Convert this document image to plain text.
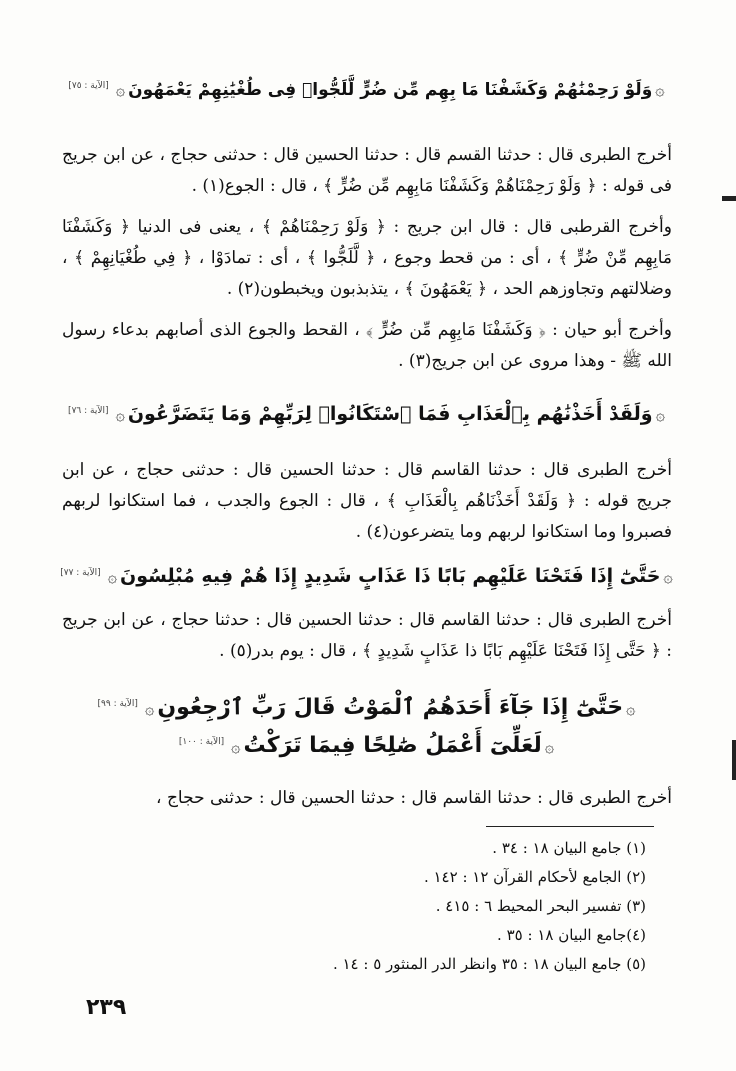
۞وَلَوْ رَحِمْنَٰهُمْ وَكَشَفْنَا مَا بِهِم مِّن ضُرٍّ لَّلَجُّوا۟ فِى طُغْيَٰنِهِمْ يَعْمَهُونَ۞[الآية : ٧٥]

أخرج الطبرى قال : حدثنا القسم قال : حدثنا الحسين قال : حدثنى حجاج ، عن ابن جريج فى قوله : ﴿ وَلَوْ رَحِمْنَاهُمْ وَكَشَفْنَا مَابِهِم مِّن ضُرٍّ ﴾ ، قال : الجوع(١) .

وأخرج القرطبى قال : قال ابن جريج : ﴿ وَلَوْ رَحِمْنَاهُمْ ﴾ ، يعنى فى الدنيا ﴿ وَكَشَفْنَا مَابِهِم مِّنْ ضُرٍّ ﴾ ، أى : من قحط وجوع ، ﴿ لَّلَجُّوا ﴾ ، أى : تمادَوْا ، ﴿ فِي طُغْيَانِهِمْ ﴾ ، وضلالتهم وتجاوزهم الحد ، ﴿ يَعْمَهُونَ ﴾ ، يتذبذبون ويخبطون(٢) .

وأخرج أبو حيان : ﴿ وَكَشَفْنَا مَابِهِم مِّن ضُرٍّ ﴾ ، القحط والجوع الذى أصابهم بدعاء رسول الله ﷺ - وهذا مروى عن ابن جريج(٣) .

۞وَلَقَدْ أَخَذْنَٰهُم بِٱلْعَذَابِ فَمَا ٱسْتَكَانُوا۟ لِرَبِّهِمْ وَمَا يَتَضَرَّعُونَ۞[الآية : ٧٦]

أخرج الطبرى قال : حدثنا القاسم قال : حدثنا الحسين قال : حدثنى حجاج ، عن ابن جريج قوله : ﴿ وَلَقَدْ أَخَذْنَاهُم بِالْعَذَابِ ﴾ ، قال : الجوع والجدب ، فما استكانوا لربهم فصبروا وما استكانوا لربهم وما يتضرعون(٤) .

۞حَتَّىٰٓ إِذَا فَتَحْنَا عَلَيْهِم بَابًا ذَا عَذَابٍ شَدِيدٍ إِذَا هُمْ فِيهِ مُبْلِسُونَ۞[الآية : ٧٧]

أخرج الطبرى قال : حدثنا القاسم قال : حدثنا الحسين قال : حدثنا حجاج ، عن ابن جريج : ﴿ حَتَّى إِذَا فَتَحْنَا عَلَيْهِم بَابًا ذا عَذَابٍ شَدِيدٍ ﴾ ، قال : يوم بدر(٥) .

۞حَتَّىٰٓ إِذَا جَآءَ أَحَدَهُمُ ٱلْمَوْتُ قَالَ رَبِّ ٱرْجِعُونِ۞[الآية : ٩٩]
۞لَعَلِّىٓ أَعْمَلُ صَٰلِحًا فِيمَا تَرَكْتُ۞[الآية : ١٠٠]

أخرج الطبرى قال : حدثنا القاسم قال : حدثنا الحسين قال : حدثنى حجاج ،

(١) جامع البيان ١٨ : ٣٤ .
(٢) الجامع لأحكام القرآن ١٢ : ١٤٢ .
(٣) تفسير البحر المحيط ٦ : ٤١٥ .
(٤)جامع البيان ١٨ : ٣٥ .
(٥) جامع البيان ١٨ : ٣٥ وانظر الدر المنثور ٥ : ١٤ .
٢٣٩
